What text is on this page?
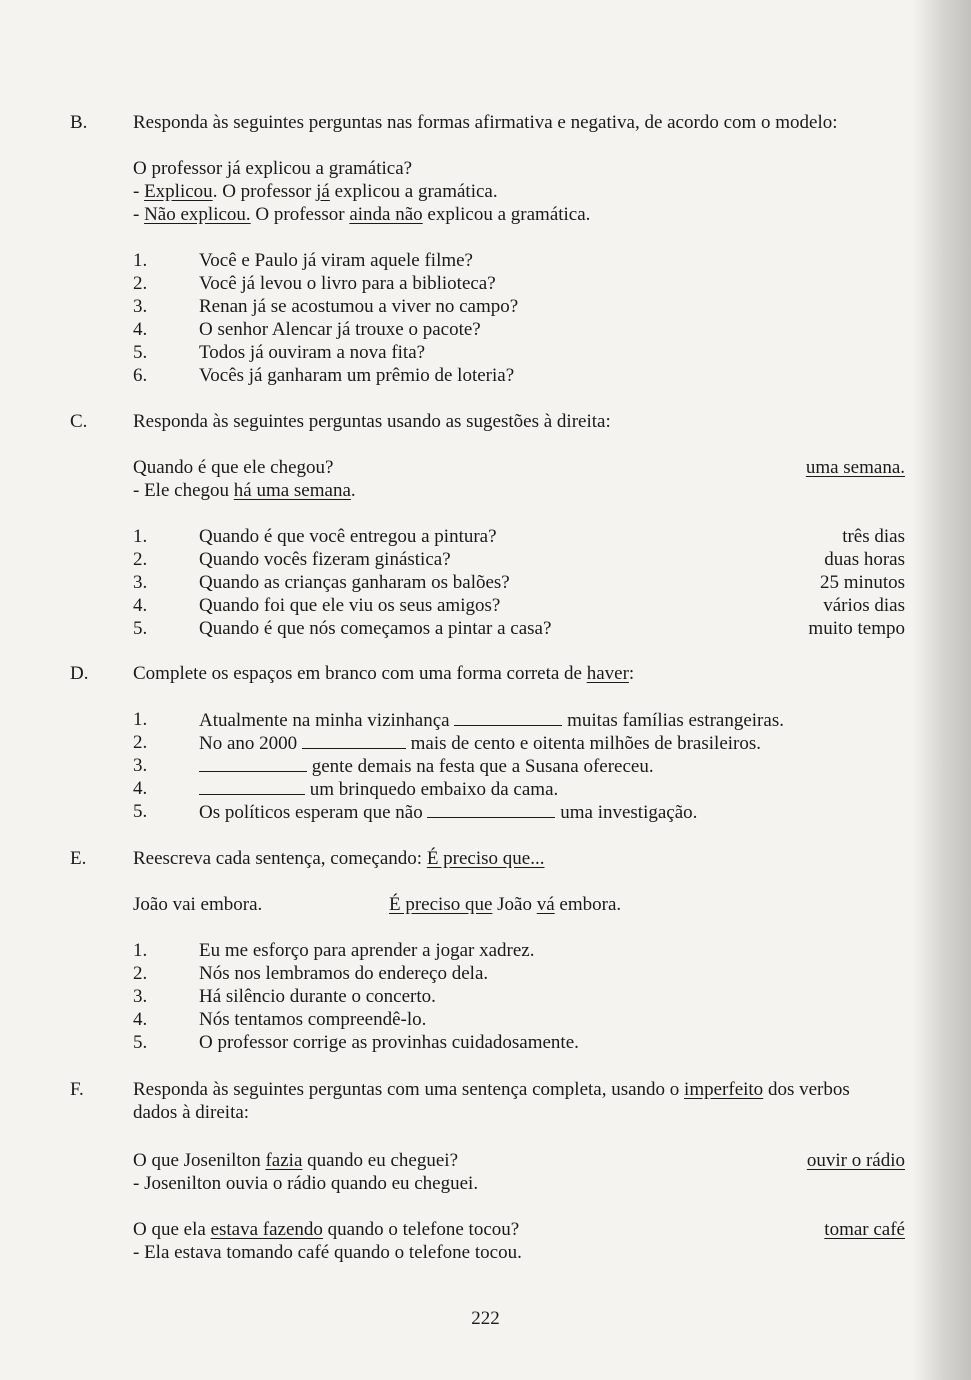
B. Responda às seguintes perguntas nas formas afirmativa e negativa, de acordo com o modelo:
O professor já explicou a gramática?
- Explicou. O professor já explicou a gramática.
- Não explicou. O professor ainda não explicou a gramática.
1.	Você e Paulo já viram aquele filme?
2.	Você já levou o livro para a biblioteca?
3.	Renan já se acostumou a viver no campo?
4.	O senhor Alencar já trouxe o pacote?
5.	Todos já ouviram a nova fita?
6.	Vocês já ganharam um prêmio de loteria?
C. Responda às seguintes perguntas usando as sugestões à direita:
Quando é que ele chegou?	uma semana.
- Ele chegou há uma semana.
1.	Quando é que você entregou a pintura?	três dias
2.	Quando vocês fizeram ginástica?	duas horas
3.	Quando as crianças ganharam os balões?	25 minutos
4.	Quando foi que ele viu os seus amigos?	vários dias
5.	Quando é que nós começamos a pintar a casa?	muito tempo
D. Complete os espaços em branco com uma forma correta de haver:
1.	Atualmente na minha vizinhança	muitas famílias estrangeiras.
2.	No ano 2000	mais de cento e oitenta milhões de brasileiros.
3.	gente demais na festa que a Susana ofereceu.
4.	um brinquedo embaixo da cama.
5.	Os políticos esperam que não	uma investigação.
E. Reescreva cada sentença, começando: É preciso que...
João vai embora.	É preciso que João vá embora.
1.	Eu me esforço para aprender a jogar xadrez.
2.	Nós nos lembramos do endereço dela.
3.	Há silêncio durante o concerto.
4.	Nós tentamos compreendê-lo.
5.	O professor corrige as provinhas cuidadosamente.
F.	Responda às seguintes perguntas com uma sentença completa, usando o imperfeito dos verbos
dados à direita:
O que Josenilton fazia quando eu cheguei?	ouvir o rádio
- Josenilton ouvia o rádio quando eu cheguei.
O que ela estava fazendo quando o telefone tocou?	tomar café
- Ela estava tomando café quando o telefone tocou.
222
